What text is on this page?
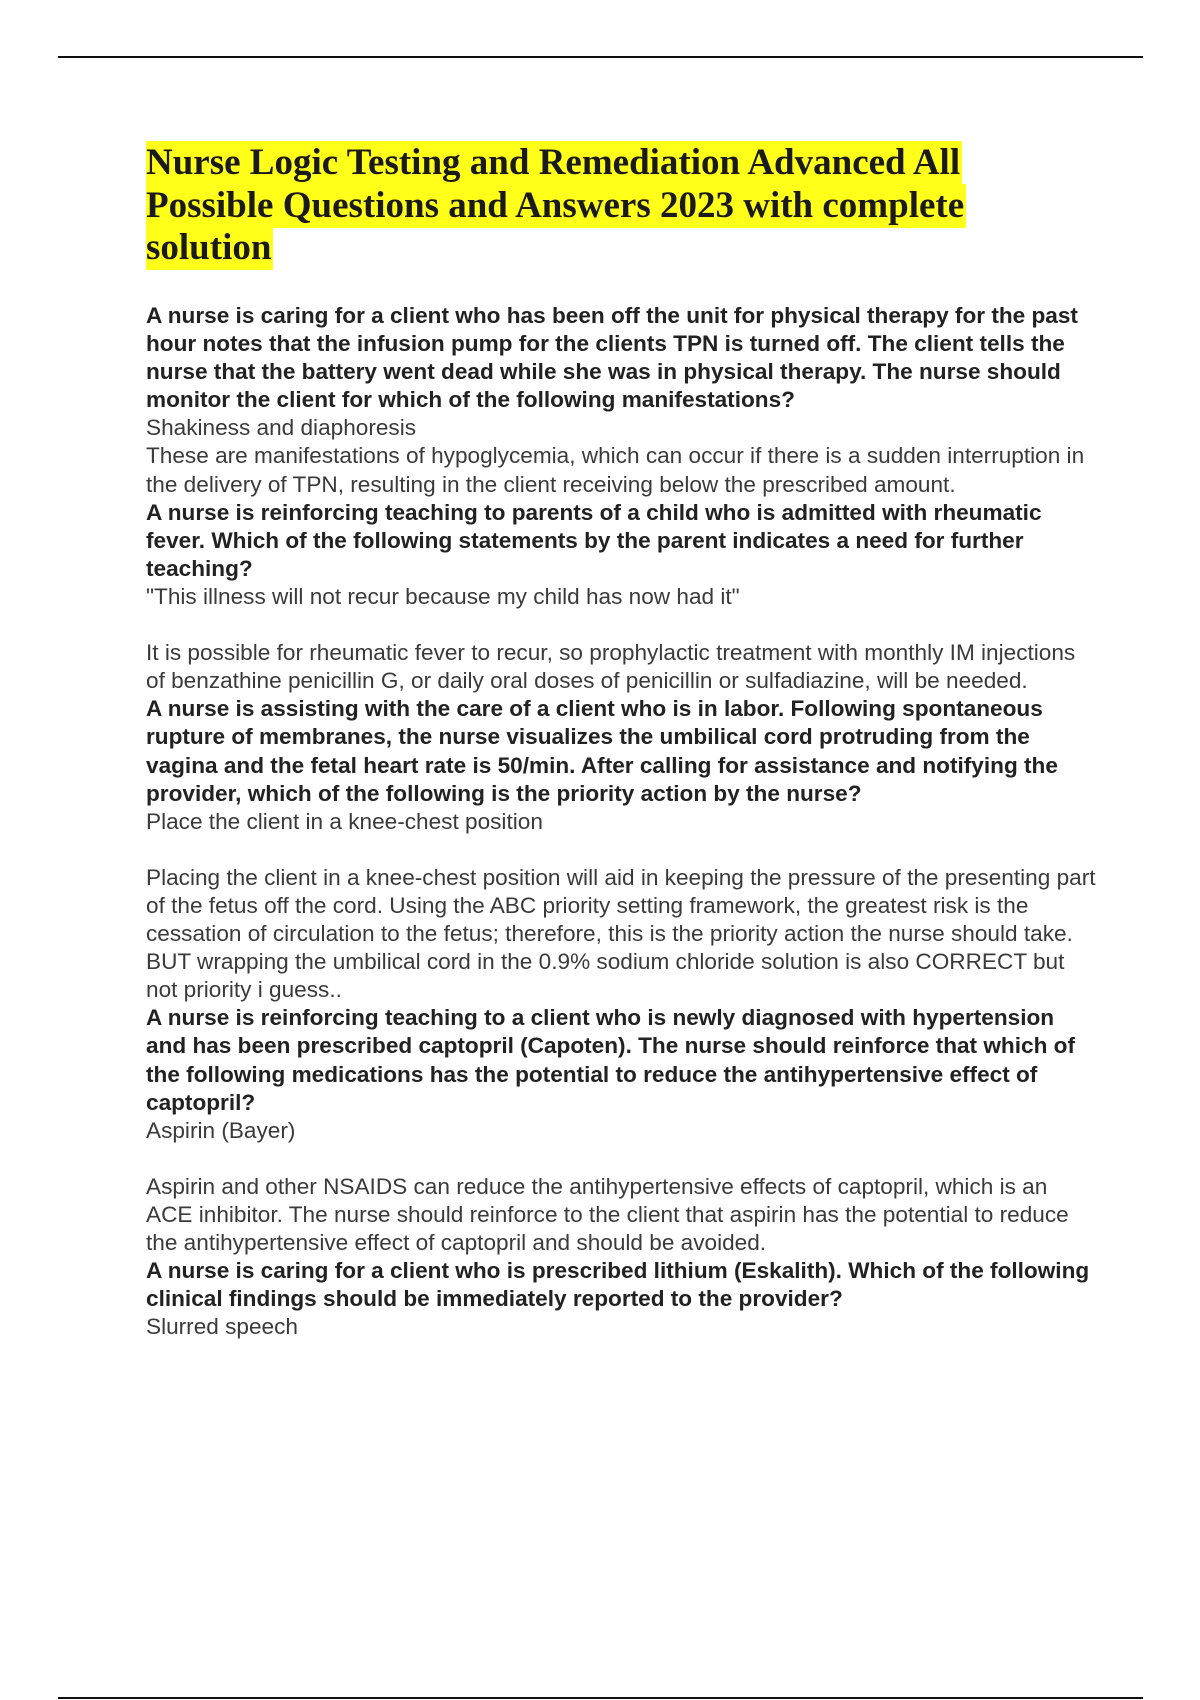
Nurse Logic Testing and Remediation Advanced All Possible Questions and Answers 2023 with complete solution

A nurse is caring for a client who has been off the unit for physical therapy for the past hour notes that the infusion pump for the clients TPN is turned off. The client tells the nurse that the battery went dead while she was in physical therapy. The nurse should monitor the client for which of the following manifestations?

Shakiness and diaphoresis

These are manifestations of hypoglycemia, which can occur if there is a sudden interruption in the delivery of TPN, resulting in the client receiving below the prescribed amount.

A nurse is reinforcing teaching to parents of a child who is admitted with rheumatic fever. Which of the following statements by the parent indicates a need for further teaching?

"This illness will not recur because my child has now had it"

It is possible for rheumatic fever to recur, so prophylactic treatment with monthly IM injections of benzathine penicillin G, or daily oral doses of penicillin or sulfadiazine, will be needed.

A nurse is assisting with the care of a client who is in labor. Following spontaneous rupture of membranes, the nurse visualizes the umbilical cord protruding from the vagina and the fetal heart rate is 50/min. After calling for assistance and notifying the provider, which of the following is the priority action by the nurse?

Place the client in a knee-chest position

Placing the client in a knee-chest position will aid in keeping the pressure of the presenting part of the fetus off the cord. Using the ABC priority setting framework, the greatest risk is the cessation of circulation to the fetus; therefore, this is the priority action the nurse should take. BUT wrapping the umbilical cord in the 0.9% sodium chloride solution is also CORRECT but not priority i guess..

A nurse is reinforcing teaching to a client who is newly diagnosed with hypertension and has been prescribed captopril (Capoten). The nurse should reinforce that which of the following medications has the potential to reduce the antihypertensive effect of captopril?

Aspirin (Bayer)

Aspirin and other NSAIDS can reduce the antihypertensive effects of captopril, which is an ACE inhibitor. The nurse should reinforce to the client that aspirin has the potential to reduce the antihypertensive effect of captopril and should be avoided.

A nurse is caring for a client who is prescribed lithium (Eskalith). Which of the following clinical findings should be immediately reported to the provider?

Slurred speech
